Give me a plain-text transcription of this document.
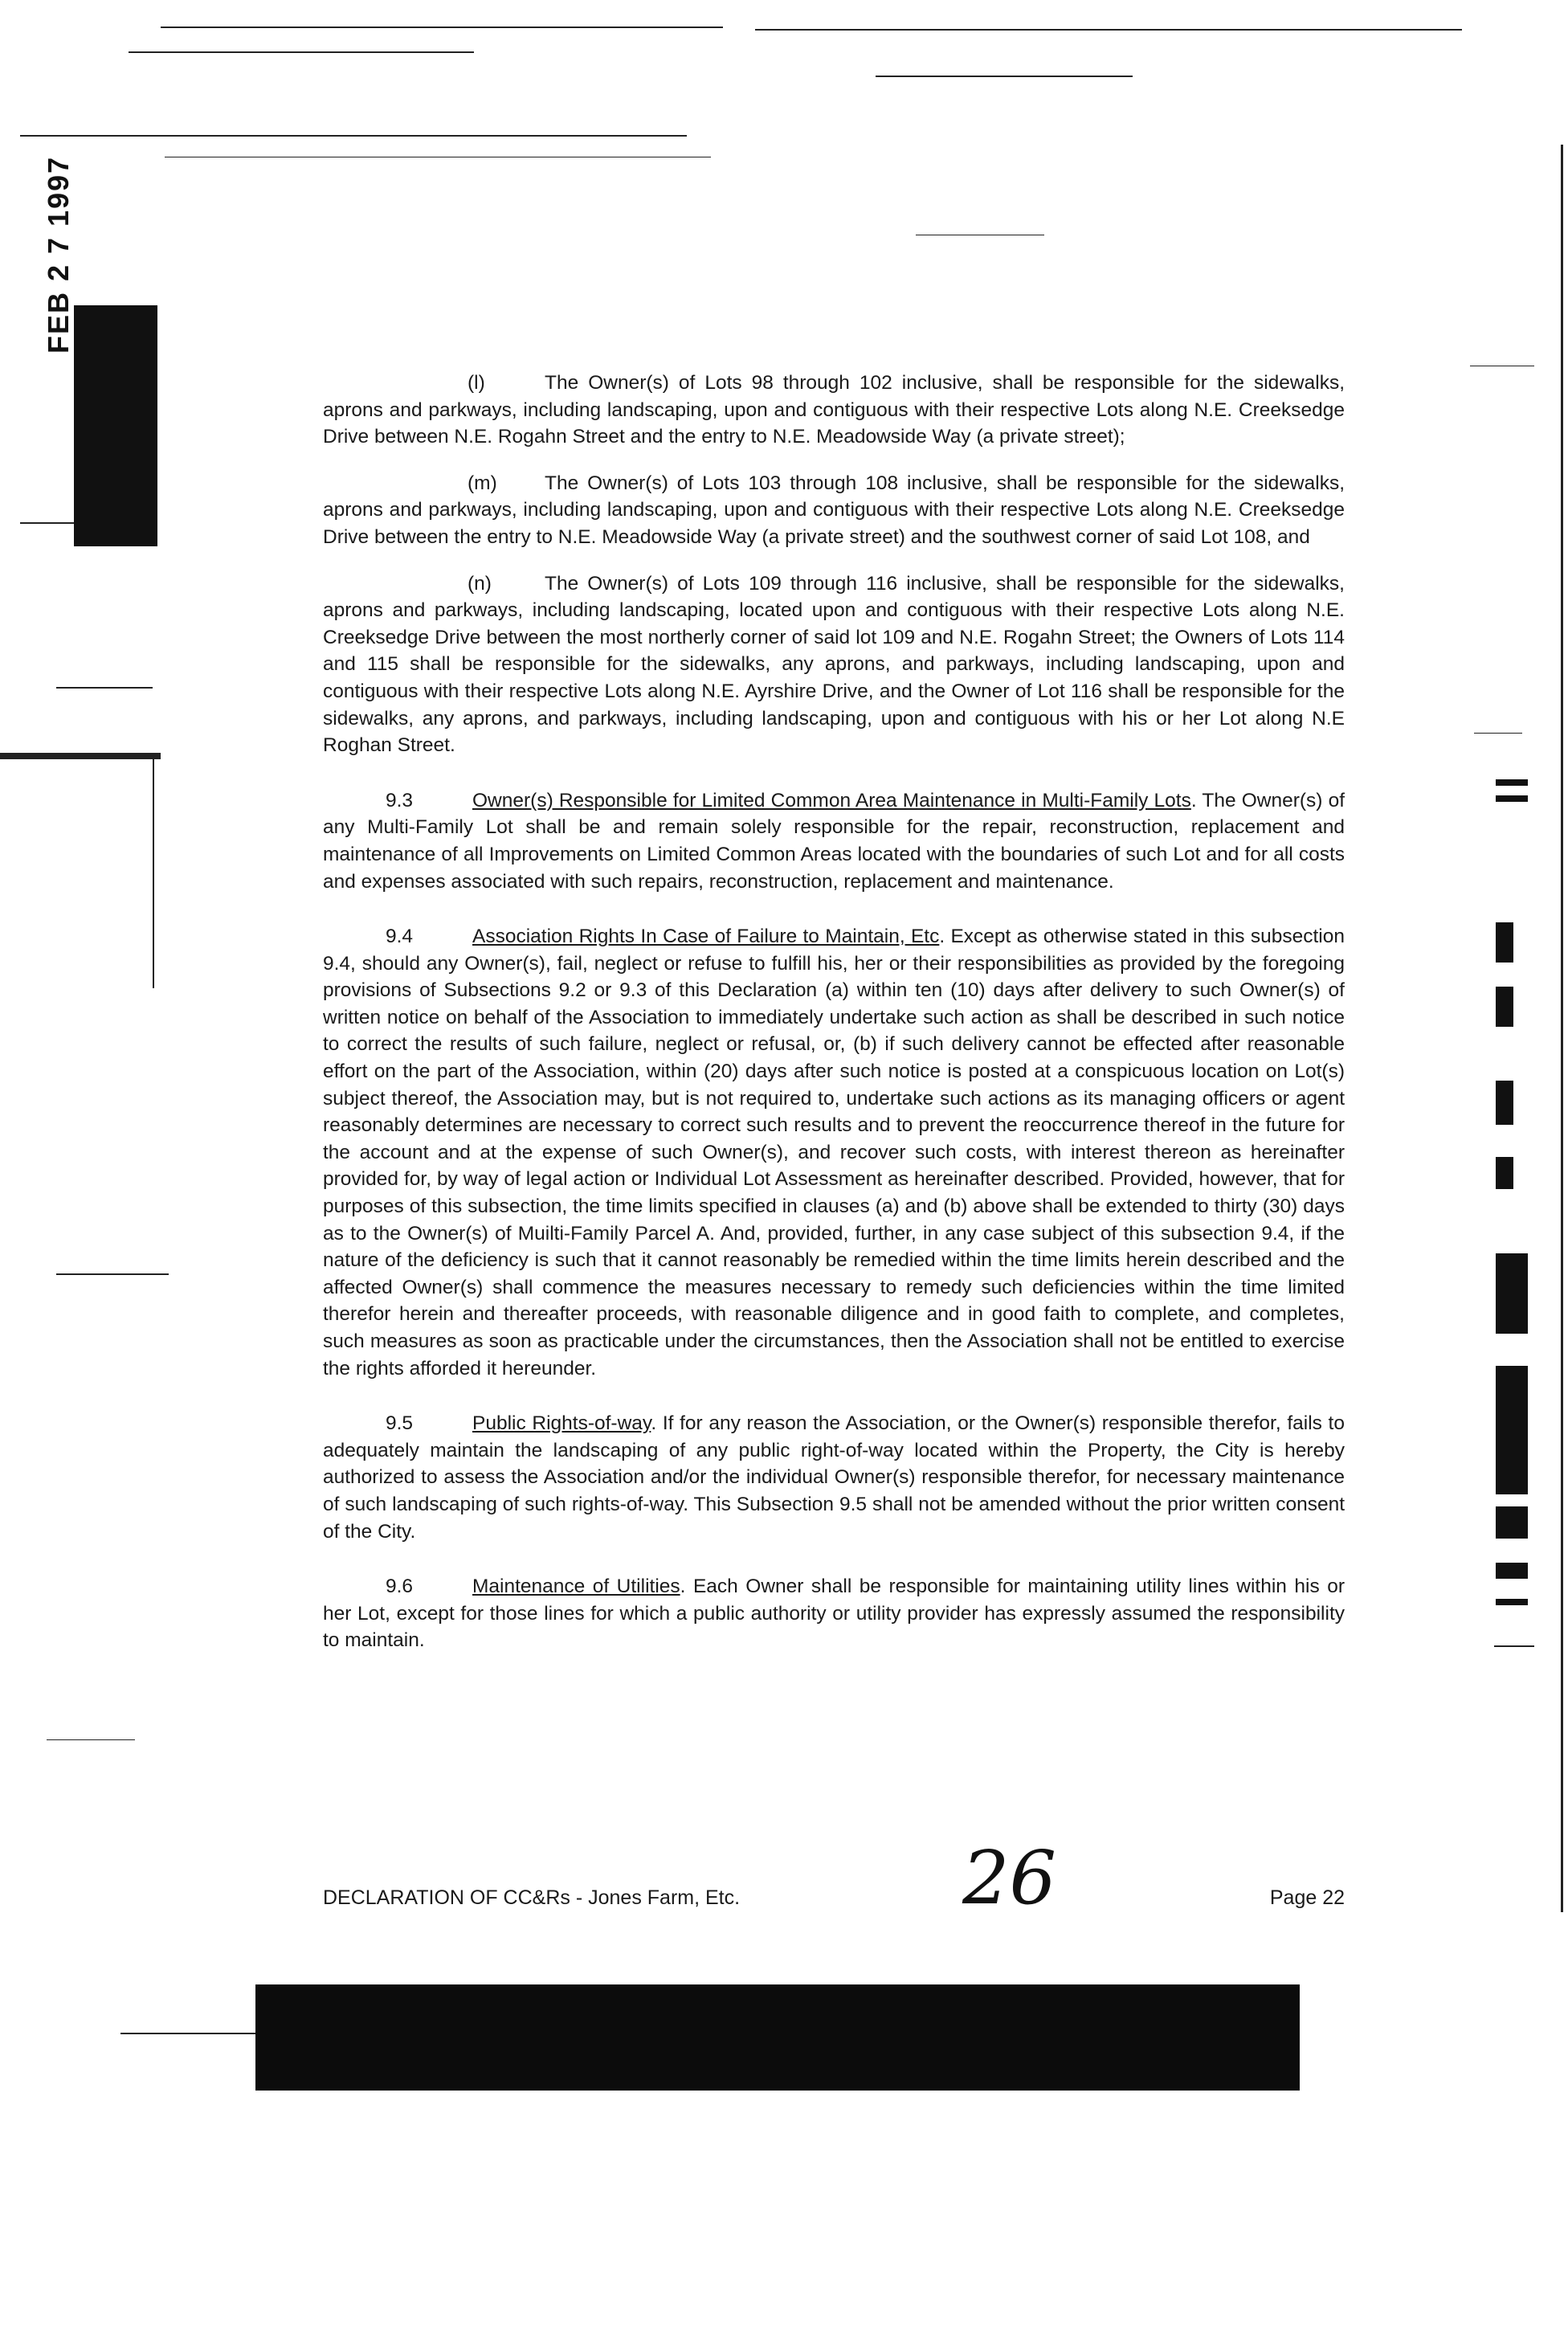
FEB 2 7 1997

(l)	The Owner(s) of Lots 98 through 102 inclusive, shall be responsible for the sidewalks, aprons and parkways, including landscaping, upon and contiguous with their respective Lots along N.E. Creeksedge Drive between N.E. Rogahn Street and the entry to N.E. Meadowside Way (a private street);

(m) The Owner(s) of Lots 103 through 108 inclusive, shall be responsible for the sidewalks, aprons and parkways, including landscaping, upon and contiguous with their respective Lots along N.E. Creeksedge Drive between the entry to N.E. Meadowside Way (a private street) and the southwest corner of said Lot 108, and

(n)	The Owner(s) of Lots 109 through 116 inclusive, shall be responsible for the sidewalks, aprons and parkways, including landscaping, located upon and contiguous with their respective Lots along N.E. Creeksedge Drive between the most northerly corner of said lot 109 and N.E. Rogahn Street; the Owners of Lots 114 and 115 shall be responsible for the sidewalks, any aprons, and parkways, including landscaping, upon and contiguous with their respective Lots along N.E. Ayrshire Drive, and the Owner of Lot 116 shall be responsible for the sidewalks, any aprons, and parkways, including landscaping, upon and contiguous with his or her Lot along N.E Roghan Street.

9.3	Owner(s) Responsible for Limited Common Area Maintenance in Multi-Family Lots. The Owner(s) of any Multi-Family Lot shall be and remain solely responsible for the repair, reconstruction, replacement and maintenance of all Improvements on Limited Common Areas located with the boundaries of such Lot and for all costs and expenses associated with such repairs, reconstruction, replacement and maintenance.

9.4	Association Rights In Case of Failure to Maintain, Etc. Except as otherwise stated in this subsection 9.4, should any Owner(s), fail, neglect or refuse to fulfill his, her or their responsibilities as provided by the foregoing provisions of Subsections 9.2 or 9.3 of this Declaration (a) within ten (10) days after delivery to such Owner(s) of written notice on behalf of the Association to immediately undertake such action as shall be described in such notice to correct the results of such failure, neglect or refusal, or, (b) if such delivery cannot be effected after reasonable effort on the part of the Association, within (20) days after such notice is posted at a conspicuous location on Lot(s) subject thereof, the Association may, but is not required to, undertake such actions as its managing officers or agent reasonably determines are necessary to correct such results and to prevent the reoccurrence thereof in the future for the account and at the expense of such Owner(s), and recover such costs, with interest thereon as hereinafter provided for, by way of legal action or Individual Lot Assessment as hereinafter described. Provided, however, that for purposes of this subsection, the time limits specified in clauses (a) and (b) above shall be extended to thirty (30) days as to the Owner(s) of Muilti-Family Parcel A. And, provided, further, in any case subject of this subsection 9.4, if the nature of the deficiency is such that it cannot reasonably be remedied within the time limits herein described and the affected Owner(s) shall commence the measures necessary to remedy such deficiencies within the time limited therefor herein and thereafter proceeds, with reasonable diligence and in good faith to complete, and completes, such measures as soon as practicable under the circumstances, then the Association shall not be entitled to exercise the rights afforded it hereunder.

9.5	Public Rights-of-way. If for any reason the Association, or the Owner(s) responsible therefor, fails to adequately maintain the landscaping of any public right-of-way located within the Property, the City is hereby authorized to assess the Association and/or the individual Owner(s) responsible therefor, for necessary maintenance of such landscaping of such rights-of-way. This Subsection 9.5 shall not be amended without the prior written consent of the City.

9.6	Maintenance of Utilities. Each Owner shall be responsible for maintaining utility lines within his or her Lot, except for those lines for which a public authority or utility provider has expressly assumed the responsibility to maintain.

DECLARATION OF CC&Rs - Jones Farm, Etc.	26	Page 22
